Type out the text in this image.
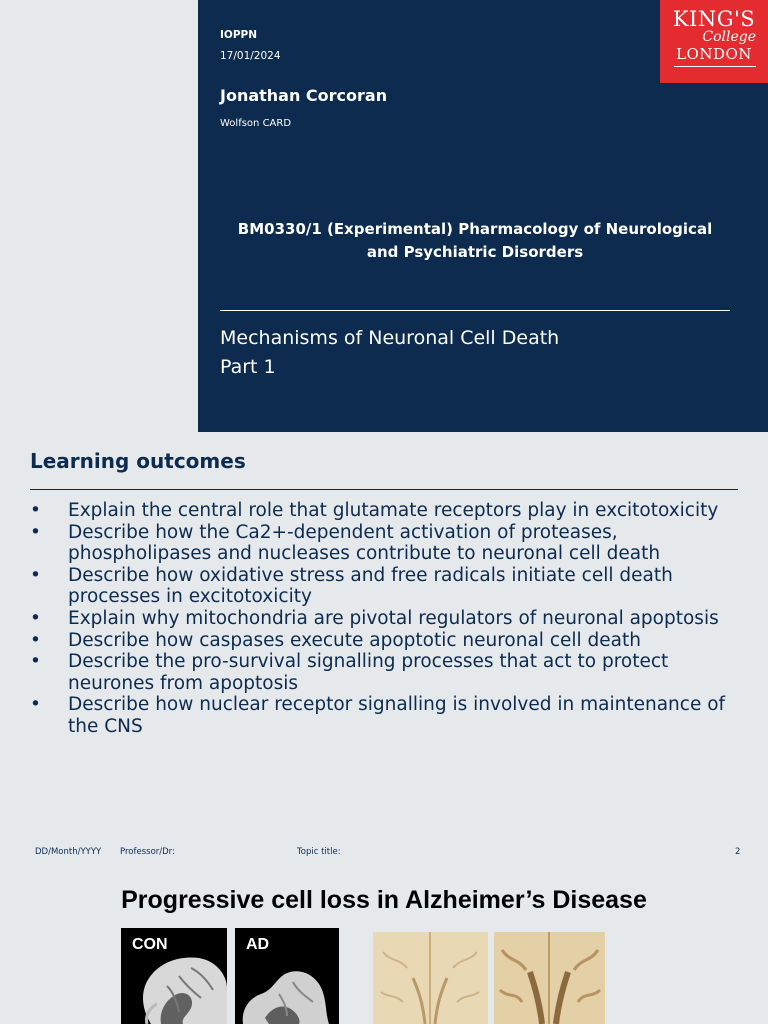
IOPPN
17/01/2024
Jonathan Corcoran
Wolfson CARD
BM0330/1 (Experimental) Pharmacology of Neurological and Psychiatric Disorders
Mechanisms of Neuronal Cell Death
Part 1
KING'S
College
LONDON
Learning outcomes
• Explain the central role that glutamate receptors play in excitotoxicity
• Describe how the Ca2+-dependent activation of proteases, phospholipases and nucleases contribute to neuronal cell death
• Describe how oxidative stress and free radicals initiate cell death processes in excitotoxicity
• Explain why mitochondria are pivotal regulators of neuronal apoptosis
• Describe how caspases execute apoptotic neuronal cell death
• Describe the pro-survival signalling processes that act to protect neurones from apoptosis
• Describe how nuclear receptor signalling is involved in maintenance of the CNS
DD/Month/YYYY Professor/Dr:	Topic title:	2
Progressive cell loss in Alzheimer’s Disease
CON	AD
